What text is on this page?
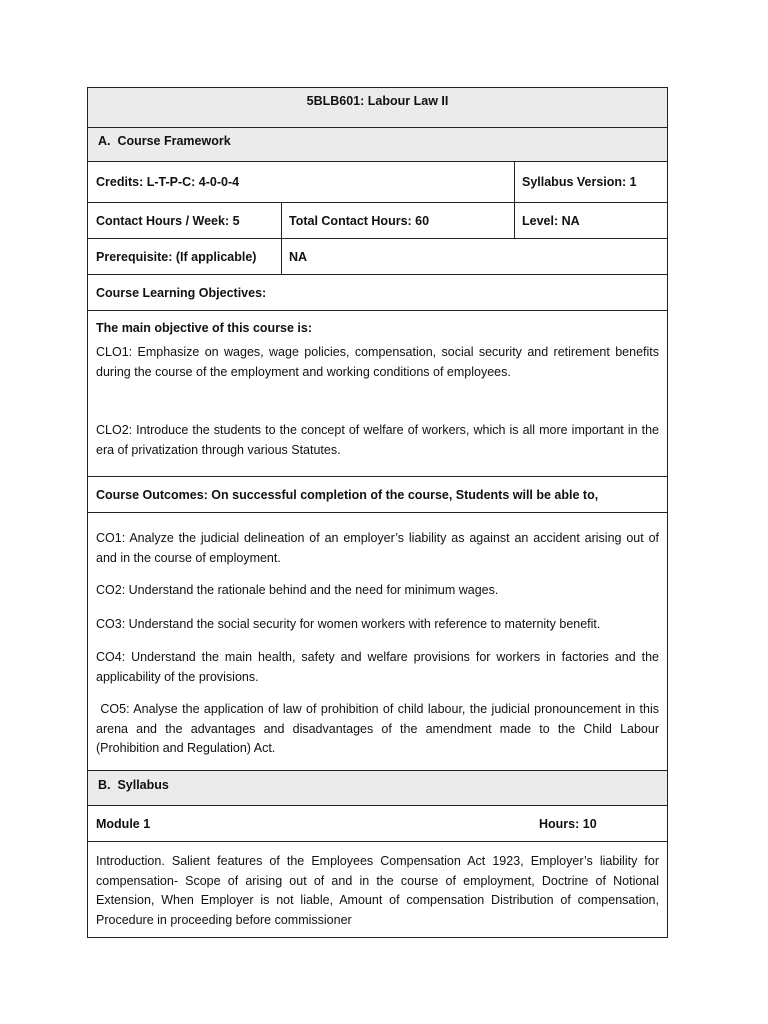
5BLB601: Labour Law II
A.  Course Framework
Credits: L-T-P-C: 4-0-0-4	Syllabus Version: 1
Contact Hours / Week: 5	Total Contact Hours: 60	Level: NA
Prerequisite: (If applicable)	NA
Course Learning Objectives:

The main objective of this course is:

CLO1: Emphasize on wages, wage policies, compensation, social security and retirement benefits during the course of the employment and working conditions of employees.

CLO2: Introduce the students to the concept of welfare of workers, which is all more important in the era of privatization through various Statutes.

Course Outcomes: On successful completion of the course, Students will be able to,

CO1: Analyze the judicial delineation of an employer’s liability as against an accident arising out of and in the course of employment.

CO2: Understand the rationale behind and the need for minimum wages.

CO3: Understand the social security for women workers with reference to maternity benefit.

CO4: Understand the main health, safety and welfare provisions for workers in factories and the applicability of the provisions.

CO5: Analyse the application of law of prohibition of child labour, the judicial pronouncement in this arena and the advantages and disadvantages of the amendment made to the Child Labour (Prohibition and Regulation) Act.

B.  Syllabus
Module 1	Hours: 10

Introduction. Salient features of the Employees Compensation Act 1923, Employer’s liability for compensation- Scope of arising out of and in the course of employment, Doctrine of Notional Extension, When Employer is not liable, Amount of compensation Distribution of compensation, Procedure in proceeding before commissioner
